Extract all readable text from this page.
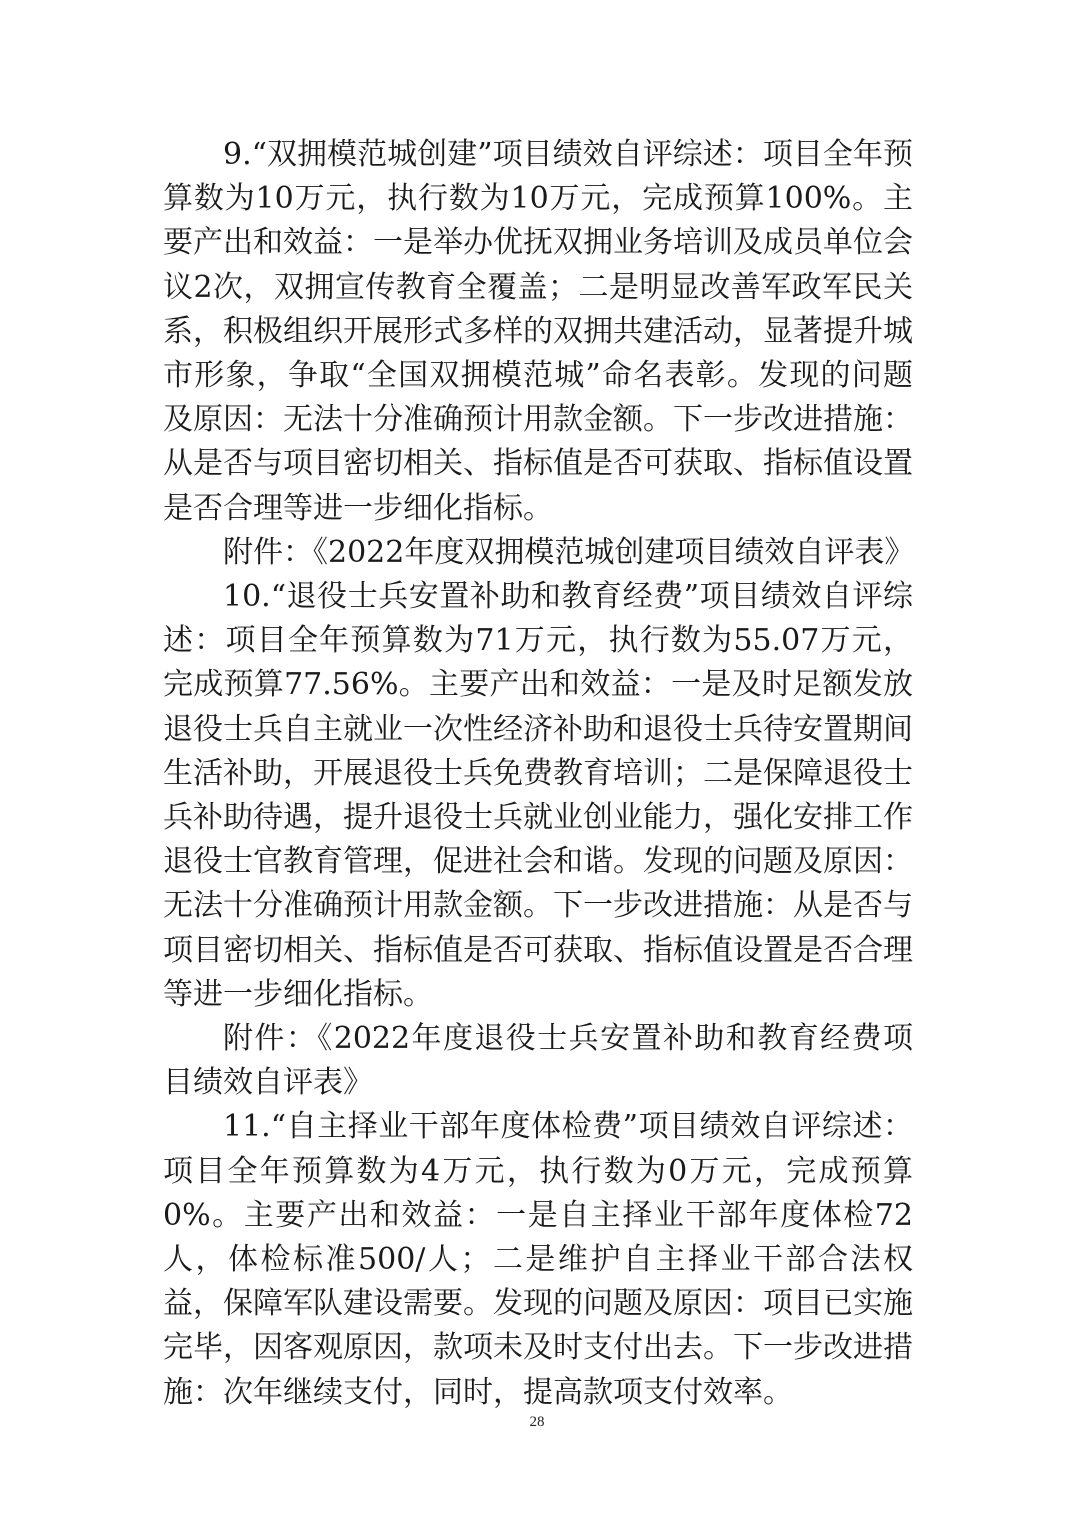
9.“双拥模范城创建”项目绩效自评综述：项目全年预算数为10万元，执行数为10万元，完成预算100%。主要产出和效益：一是举办优抚双拥业务培训及成员单位会议2次，双拥宣传教育全覆盖；二是明显改善军政军民关系，积极组织开展形式多样的双拥共建活动，显著提升城市形象，争取“全国双拥模范城”命名表彰。发现的问题及原因：无法十分准确预计用款金额。下一步改进措施：从是否与项目密切相关、指标值是否可获取、指标值设置是否合理等进一步细化指标。

附件：《2022年度双拥模范城创建项目绩效自评表》

10.“退役士兵安置补助和教育经费”项目绩效自评综述：项目全年预算数为71万元，执行数为55.07万元，完成预算77.56%。主要产出和效益：一是及时足额发放退役士兵自主就业一次性经济补助和退役士兵待安置期间生活补助，开展退役士兵免费教育培训；二是保障退役士兵补助待遇，提升退役士兵就业创业能力，强化安排工作退役士官教育管理，促进社会和谐。发现的问题及原因：无法十分准确预计用款金额。下一步改进措施：从是否与项目密切相关、指标值是否可获取、指标值设置是否合理等进一步细化指标。

附件：《2022年度退役士兵安置补助和教育经费项目绩效自评表》

11.“自主择业干部年度体检费”项目绩效自评综述：项目全年预算数为4万元，执行数为0万元，完成预算0%。主要产出和效益：一是自主择业干部年度体检72人，体检标准500/人；二是维护自主择业干部合法权益，保障军队建设需要。发现的问题及原因：项目已实施完毕，因客观原因，款项未及时支付出去。下一步改进措施：次年继续支付，同时，提高款项支付效率。

28
